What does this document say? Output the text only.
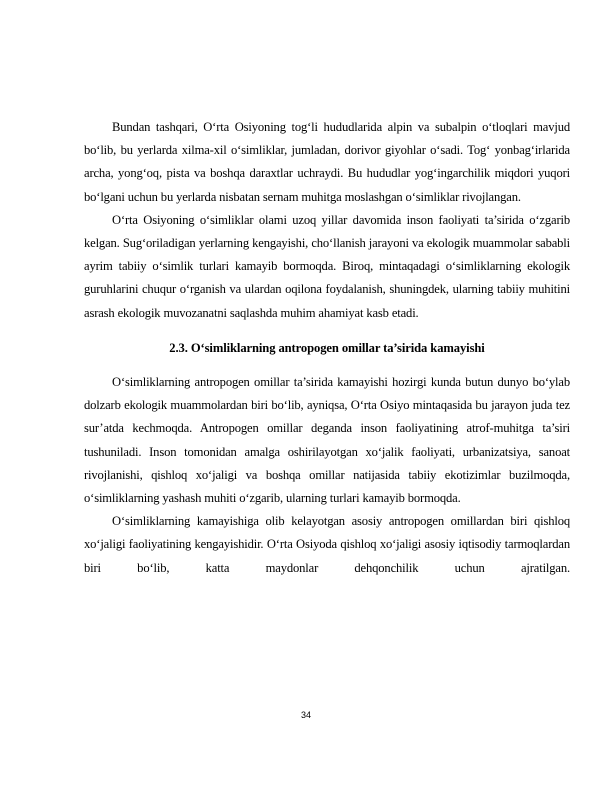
Bundan tashqari, O‘rta Osiyoning tog‘li hududlarida alpin va subalpin o‘tloqlari mavjud bo‘lib, bu yerlarda xilma-xil o‘simliklar, jumladan, dorivor giyohlar o‘sadi. Tog‘ yonbag‘irlarida archa, yong‘oq, pista va boshqa daraxtlar uchraydi. Bu hududlar yog‘ingarchilik miqdori yuqori bo‘lgani uchun bu yerlarda nisbatan sernam muhitga moslashgan o‘simliklar rivojlangan.

O‘rta Osiyoning o‘simliklar olami uzoq yillar davomida inson faoliyati ta’sirida o‘zgarib kelgan. Sug‘oriladigan yerlarning kengayishi, cho‘llanish jarayoni va ekologik muammolar sababli ayrim tabiiy o‘simlik turlari kamayib bormoqda. Biroq, mintaqadagi o‘simliklarning ekologik guruhlarini chuqur o‘rganish va ulardan oqilona foydalanish, shuningdek, ularning tabiiy muhitini asrash ekologik muvozanatni saqlashda muhim ahamiyat kasb etadi.

2.3. O‘simliklarning antropogen omillar ta’sirida kamayishi

O‘simliklarning antropogen omillar ta’sirida kamayishi hozirgi kunda butun dunyo bo‘ylab dolzarb ekologik muammolardan biri bo‘lib, ayniqsa, O‘rta Osiyo mintaqasida bu jarayon juda tez sur’atda kechmoqda. Antropogen omillar deganda inson faoliyatining atrof-muhitga ta’siri tushuniladi. Inson tomonidan amalga oshirilayotgan xo‘jalik faoliyati, urbanizatsiya, sanoat rivojlanishi, qishloq xo‘jaligi va boshqa omillar natijasida tabiiy ekotizimlar buzilmoqda, o‘simliklarning yashash muhiti o‘zgarib, ularning turlari kamayib bormoqda.

O‘simliklarning kamayishiga olib kelayotgan asosiy antropogen omillardan biri qishloq xo‘jaligi faoliyatining kengayishidir. O‘rta Osiyoda qishloq xo‘jaligi asosiy iqtisodiy tarmoqlardan biri bo‘lib, katta maydonlar dehqonchilik uchun ajratilgan.

34
